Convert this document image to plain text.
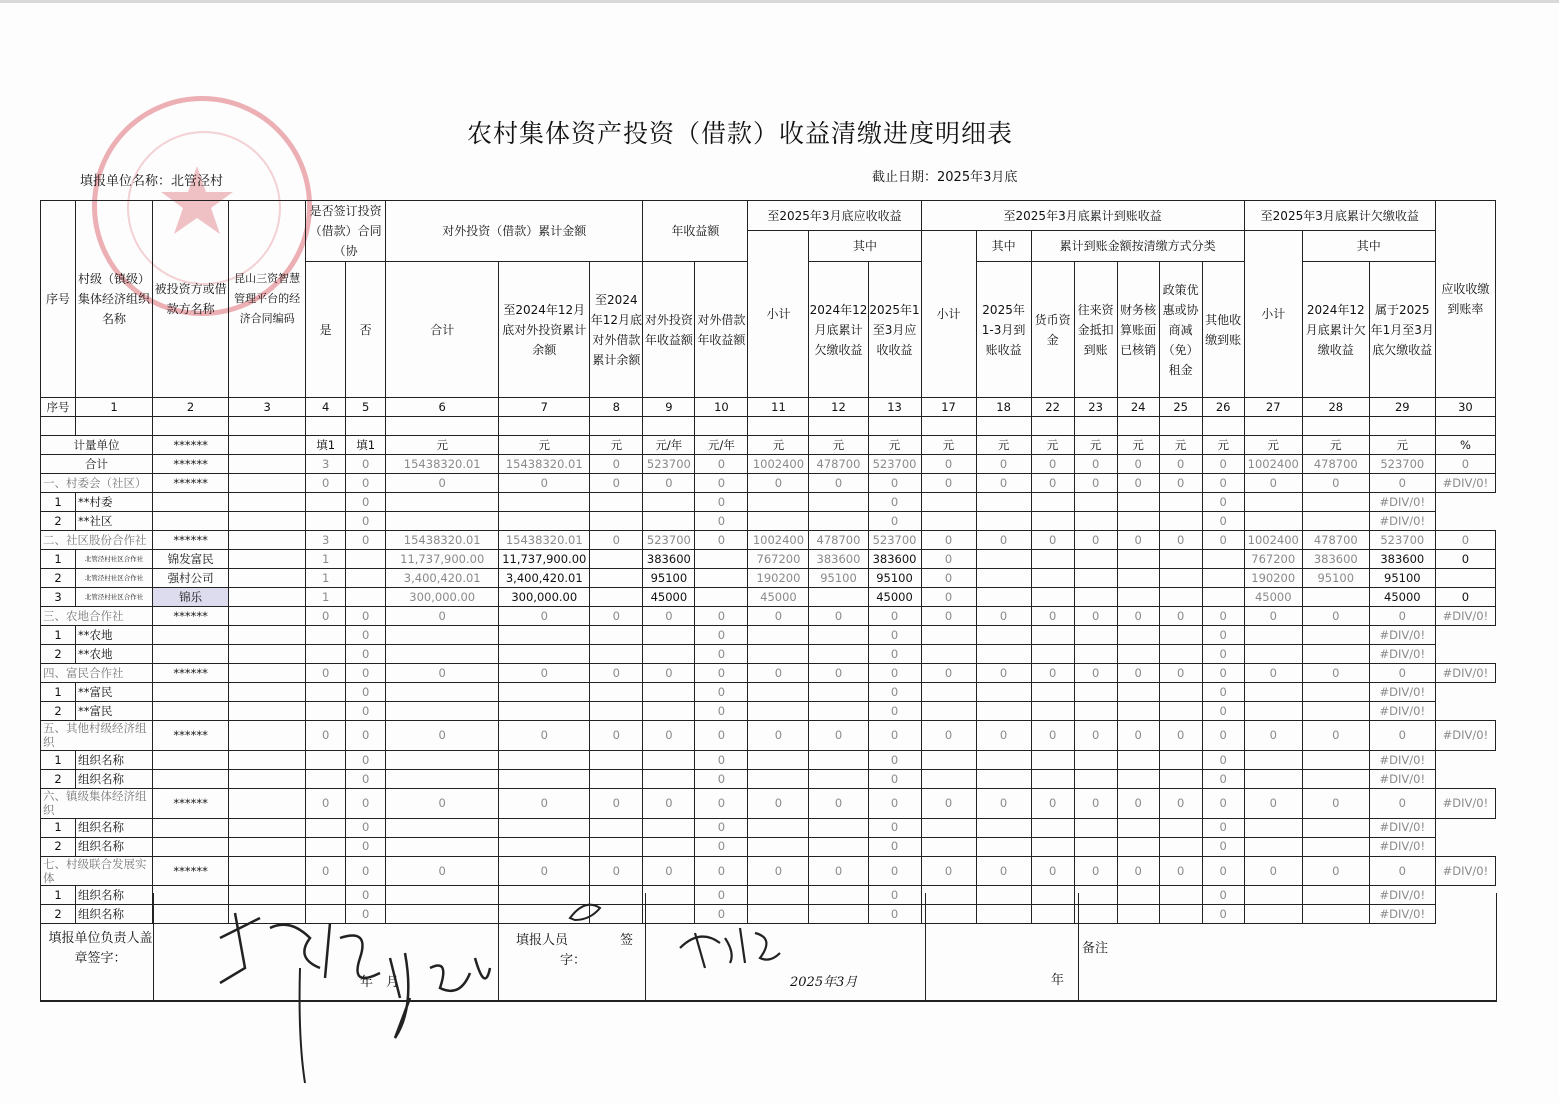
农村集体资产投资（借款）收益清缴进度明细表
填报单位名称：北管泾村	截止日期：2025年3月底
序号	村级（镇级）集体经济组织名称	被投资方或借款方名称	昆山三资智慧管理平台的经济合同编码	是否签订投资（借款）合同（协		对外投资（借款）累计金额			年收益额		至2025年3月底应收收益			至2025年3月底累计到账收益							至2025年3月底累计欠缴收益			应收收缴到账率
											小计	其中		小计	其中	累计到账金额按清缴方式分类					小计	其中		
				是	否	合计	至2024年12月底对外投资累计余额	至2024年12月底对外借款累计余额	对外投资年收益额	对外借款年收益额		2024年12月底累计欠缴收益	2025年1至3月应收收益		2025年1-3月到账收益	货币资金	往来资金抵扣到账	财务核算账面已核销	政策优惠或协商减（免）租金	其他收缴到账		2024年12月底累计欠缴收益	属于2025年1月至3月底欠缴收益	
序号	1	2	3	4	5	6	7	8	9	10	11	12	13	17	18	22	23	24	25	26	27	28	29	30

计量单位		******		填1	填1	元	元	元	元/年	元/年	元	元	元	元	元	元	元	元	元	元	元	元	元	%
合计		******		3	0	15438320.01	15438320.01	0	523700	0	1002400	478700	523700	0	0	0	0	0	0	0	1002400	478700	523700	0
一、村委会（社区）		******		0	0	0	0	0	0	0	0	0	0	0	0	0	0	0	0	0	0	0	0	#DIV/0!
1	**村委				0					0			0							0			#DIV/0!	
2	**社区				0					0			0							0			#DIV/0!	
二、社区股份合作社		******		3	0	15438320.01	15438320.01	0	523700	0	1002400	478700	523700	0	0	0	0	0	0	0	1002400	478700	523700	0
1	北管泾村社区合作社	锦发富民		1		11,737,900.00	11,737,900.00		383600		767200	383600	383600	0							767200	383600	383600	0
2	北管泾村社区合作社	强村公司		1		3,400,420.01	3,400,420.01		95100		190200	95100	95100	0							190200	95100	95100	
3	北管泾村社区合作社	锦乐		1		300,000.00	300,000.00		45000		45000		45000	0							45000		45000	0
三、农地合作社		******		0	0	0	0	0	0	0	0	0	0	0	0	0	0	0	0	0	0	0	0	#DIV/0!
1	**农地				0					0			0							0			#DIV/0!	
2	**农地				0					0			0							0			#DIV/0!	
四、富民合作社		******		0	0	0	0	0	0	0	0	0	0	0	0	0	0	0	0	0	0	0	0	#DIV/0!
1	**富民				0					0			0							0			#DIV/0!	
2	**富民				0					0			0							0			#DIV/0!	
五、其他村级经济组织		******		0	0	0	0	0	0	0	0	0	0	0	0	0	0	0	0	0	0	0	0	#DIV/0!
1	组织名称				0					0			0							0			#DIV/0!	
2	组织名称				0					0			0							0			#DIV/0!	
六、镇级集体经济组织		******		0	0	0	0	0	0	0	0	0	0	0	0	0	0	0	0	0	0	0	0	#DIV/0!
1	组织名称				0					0			0							0			#DIV/0!	
2	组织名称				0					0			0							0			#DIV/0!	
七、村级联合发展实体		******		0	0	0	0	0	0	0	0	0	0	0	0	0	0	0	0	0	0	0	0	#DIV/0!
1	组织名称				0					0			0							0			#DIV/0!	
2	组织名称				0					0			0							0			#DIV/0!	
填报单位负责人盖章签字：
年　月
填报人员	签
字：
2025年3月	年
备注
